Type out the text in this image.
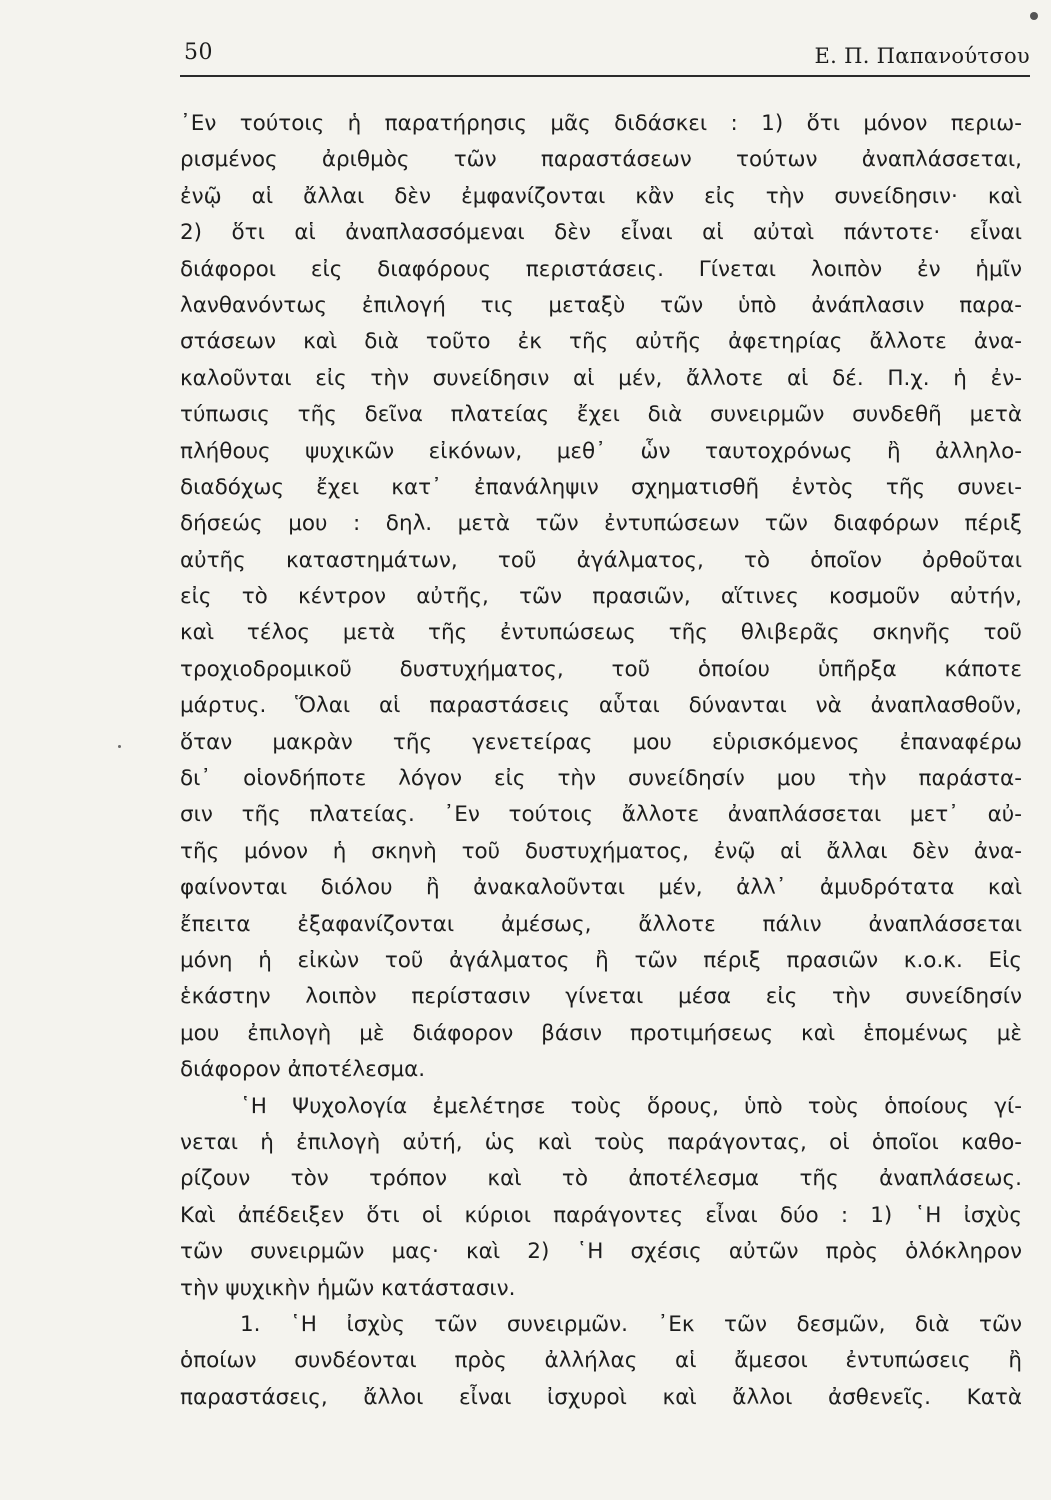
50	Ε. Π. Παπανούτσου
᾿Εν τούτοις ἡ παρατήρησις μᾶς διδάσκει : 1) ὅτι μόνον περιω-
ρισμένος ἀριθμὸς τῶν παραστάσεων τούτων ἀναπλάσσεται,
ἐνῷ αἱ ἄλλαι δὲν ἐμφανίζονται κἂν εἰς τὴν συνείδησιν· καὶ
2) ὅτι αἱ ἀναπλασσόμεναι δὲν εἶναι αἱ αὐταὶ πάντοτε· εἶναι
διάφοροι εἰς διαφόρους περιστάσεις. Γίνεται λοιπὸν ἐν ἡμῖν
λανθανόντως ἐπιλογή τις μεταξὺ τῶν ὑπὸ ἀνάπλασιν παρα-
στάσεων καὶ διὰ τοῦτο ἐκ τῆς αὐτῆς ἀφετηρίας ἄλλοτε ἀνα-
καλοῦνται εἰς τὴν συνείδησιν αἱ μέν, ἄλλοτε αἱ δέ. Π.χ. ἡ ἐν-
τύπωσις τῆς δεῖνα πλατείας ἔχει διὰ συνειρμῶν συνδεθῆ μετὰ
πλήθους ψυχικῶν εἰκόνων, μεθ᾿ ὧν ταυτοχρόνως ἢ ἀλληλο-
διαδόχως ἔχει κατ᾿ ἐπανάληψιν σχηματισθῆ ἐντὸς τῆς συνει-
δήσεώς μου : δηλ. μετὰ τῶν ἐντυπώσεων τῶν διαφόρων πέριξ
αὐτῆς καταστημάτων, τοῦ ἀγάλματος, τὸ ὁποῖον ὀρθοῦται
εἰς τὸ κέντρον αὐτῆς, τῶν πρασιῶν, αἵτινες κοσμοῦν αὐτήν,
καὶ τέλος μετὰ τῆς ἐντυπώσεως τῆς θλιβερᾶς σκηνῆς τοῦ
τροχιοδρομικοῦ δυστυχήματος, τοῦ ὁποίου ὑπῆρξα κάποτε
μάρτυς. Ὅλαι αἱ παραστάσεις αὗται δύνανται νὰ ἀναπλασθοῦν,
ὅταν μακρὰν τῆς γενετείρας μου εὑρισκόμενος ἐπαναφέρω
δι᾿ οἱονδήποτε λόγον εἰς τὴν συνείδησίν μου τὴν παράστα-
σιν τῆς πλατείας. ᾿Εν τούτοις ἄλλοτε ἀναπλάσσεται μετ᾿ αὐ-
τῆς μόνον ἡ σκηνὴ τοῦ δυστυχήματος, ἐνῷ αἱ ἄλλαι δὲν ἀνα-
φαίνονται διόλου ἢ ἀνακαλοῦνται μέν, ἀλλ᾿ ἀμυδρότατα καὶ
ἔπειτα ἐξαφανίζονται ἀμέσως, ἄλλοτε πάλιν ἀναπλάσσεται
μόνη ἡ εἰκὼν τοῦ ἀγάλματος ἢ τῶν πέριξ πρασιῶν κ.ο.κ. Εἰς
ἑκάστην λοιπὸν περίστασιν γίνεται μέσα εἰς τὴν συνείδησίν
μου ἐπιλογὴ μὲ διάφορον βάσιν προτιμήσεως καὶ ἑπομένως μὲ
διάφορον ἀποτέλεσμα.
῾Η Ψυχολογία ἐμελέτησε τοὺς ὅρους, ὑπὸ τοὺς ὁποίους γί-
νεται ἡ ἐπιλογὴ αὐτή, ὡς καὶ τοὺς παράγοντας, οἱ ὁποῖοι καθο-
ρίζουν τὸν τρόπον καὶ τὸ ἀποτέλεσμα τῆς ἀναπλάσεως.
Καὶ ἀπέδειξεν ὅτι οἱ κύριοι παράγοντες εἶναι δύο : 1) ῾Η ἰσχὺς
τῶν συνειρμῶν μας· καὶ 2) ῾Η σχέσις αὐτῶν πρὸς ὁλόκληρον
τὴν ψυχικὴν ἡμῶν κατάστασιν.
1. ῾Η ἰσχὺς τῶν συνειρμῶν. ᾿Εκ τῶν δεσμῶν, διὰ τῶν
ὁποίων συνδέονται πρὸς ἀλλήλας αἱ ἄμεσοι ἐντυπώσεις ἢ
παραστάσεις, ἄλλοι εἶναι ἰσχυροὶ καὶ ἄλλοι ἀσθενεῖς. Κατὰ
